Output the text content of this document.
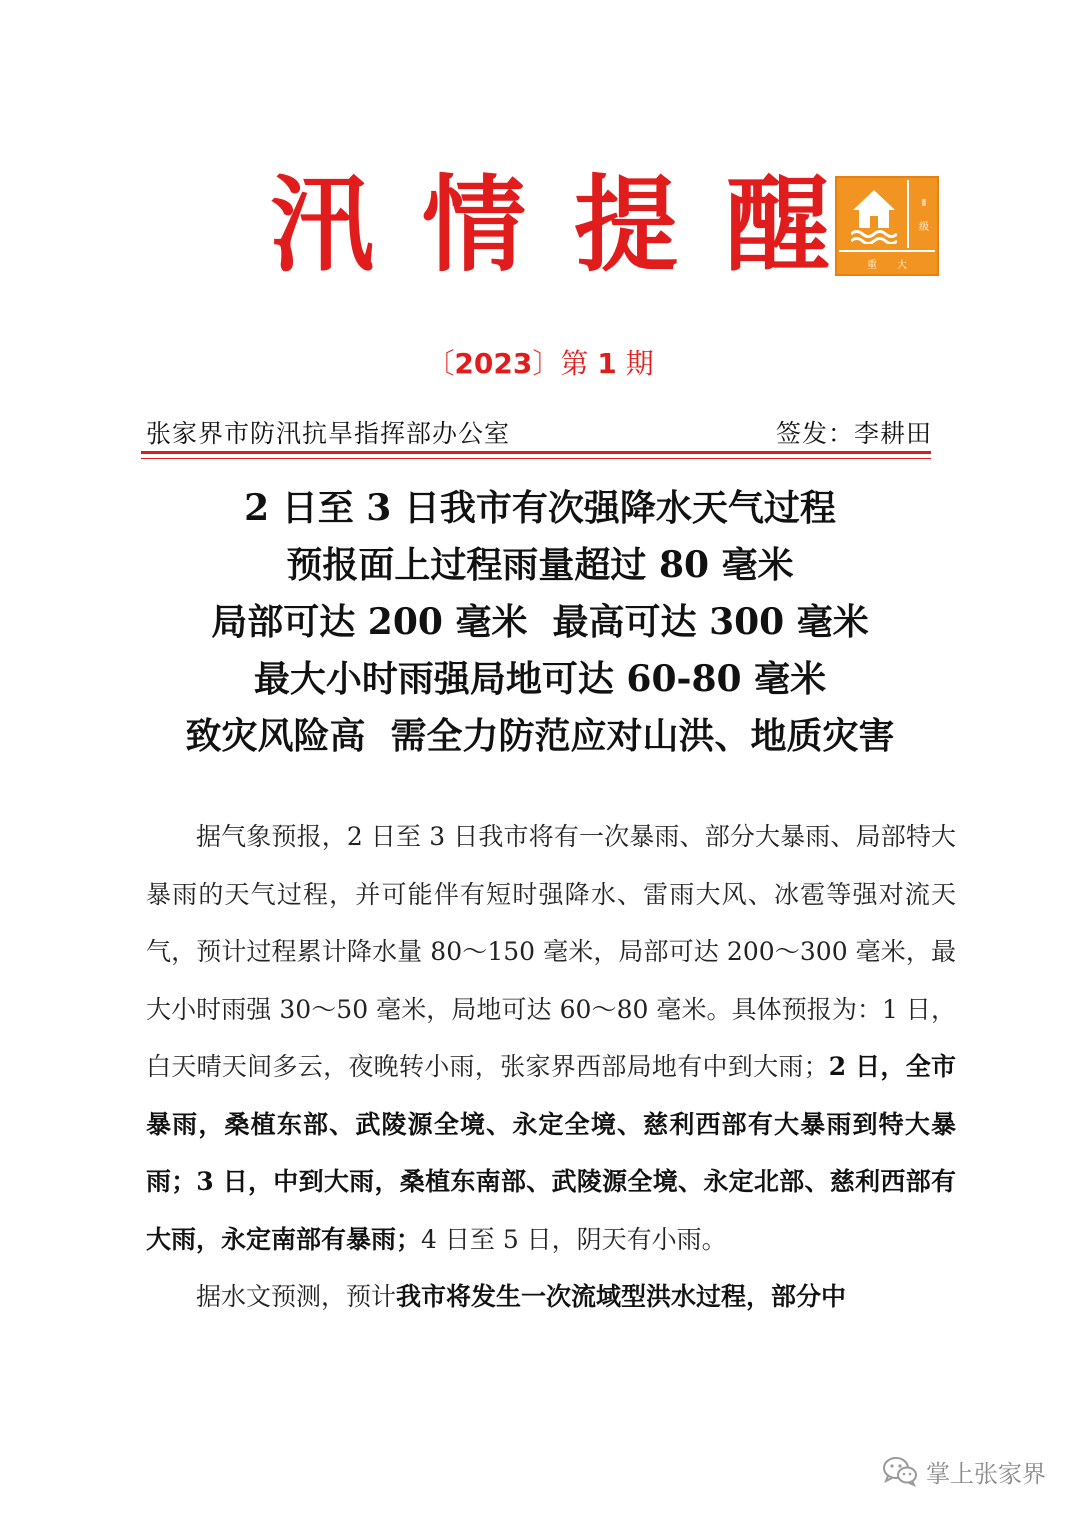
汛 情 提 醒	Ⅱ
级
重大
〔2023〕第 1 期
张家界市防汛抗旱指挥部办公室	签发：李耕田
2 日至 3 日我市有次强降水天气过程
预报面上过程雨量超过 80 毫米
局部可达 200 毫米  最高可达 300 毫米
最大小时雨强局地可达 60-80 毫米
致灾风险高  需全力防范应对山洪、地质灾害

据气象预报，2 日至 3 日我市将有一次暴雨、部分大暴雨、局部特大暴雨的天气过程，并可能伴有短时强降水、雷雨大风、冰雹等强对流天气，预计过程累计降水量 80～150 毫米，局部可达 200～300 毫米，最大小时雨强 30～50 毫米，局地可达 60～80 毫米。具体预报为：1 日，白天晴天间多云，夜晚转小雨，张家界西部局地有中到大雨；2 日，全市暴雨，桑植东部、武陵源全境、永定全境、慈利西部有大暴雨到特大暴雨；3 日，中到大雨，桑植东南部、武陵源全境、永定北部、慈利西部有大雨，永定南部有暴雨；4 日至 5 日，阴天有小雨。

据水文预测，预计我市将发生一次流域型洪水过程，部分中

掌上张家界
